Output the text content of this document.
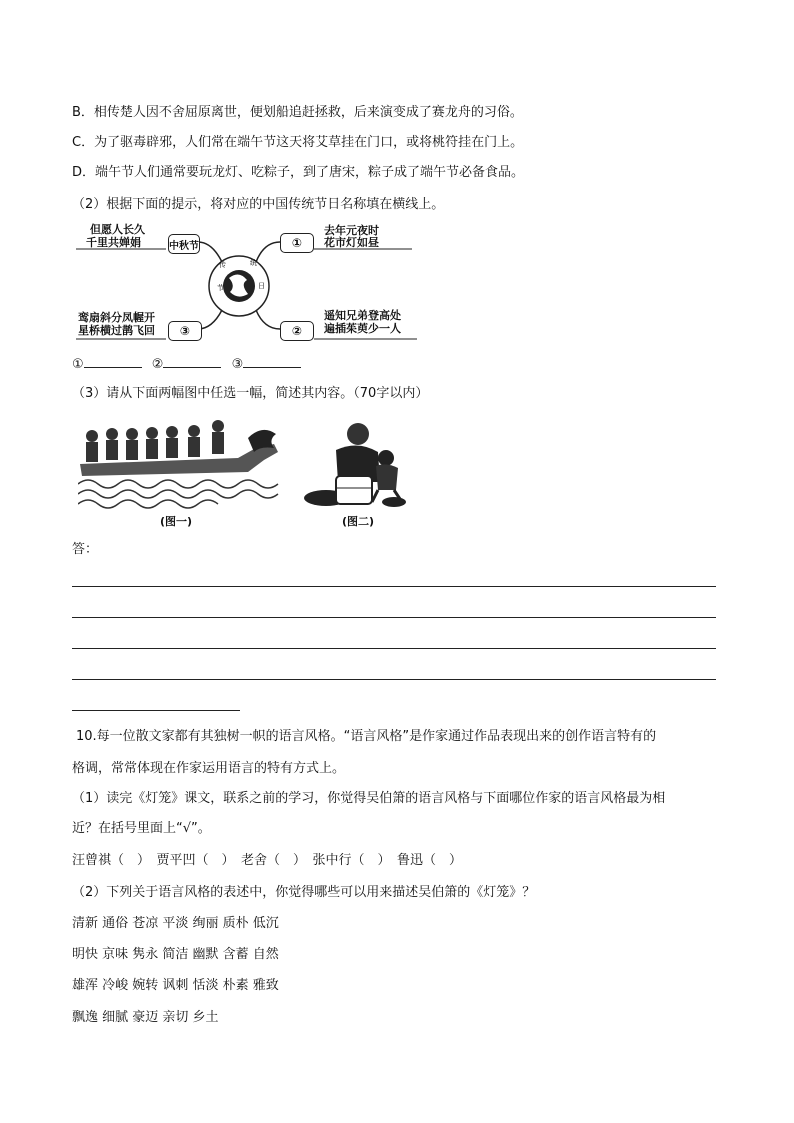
B．相传楚人因不舍屈原离世，便划船追赶拯救，后来演变成了赛龙舟的习俗。
C．为了驱毒辟邪，人们常在端午节这天将艾草挂在门口，或将桃符挂在门上。
D．端午节人们通常要玩龙灯、吃粽子，到了唐宋，粽子成了端午节必备食品。
（2）根据下面的提示，将对应的中国传统节日名称填在横线上。
传	统
节	日
但愿人长久
千里共婵娟	中秋节	①
去年元夜时
花市灯如昼
鸾扇斜分凤幄开
星桥横过鹊飞回	③	②
遥知兄弟登高处
遍插茱萸少一人
①	②	③
（3）请从下面两幅图中任选一幅，简述其内容。（70字以内）
(图一)	(图二)
答：
10.每一位散文家都有其独树一帜的语言风格。“语言风格”是作家通过作品表现出来的创作语言特有的
格调，常常体现在作家运用语言的特有方式上。
（1）读完《灯笼》课文，联系之前的学习，你觉得吴伯箫的语言风格与下面哪位作家的语言风格最为相
近？在括号里面上“√”。
汪曾祺（　）　贾平凹（　）　老舍（　）　张中行（　）　鲁迅（　）
（2）下列关于语言风格的表述中，你觉得哪些可以用来描述吴伯箫的《灯笼》？
清新 通俗 苍凉 平淡 绚丽 质朴 低沉
明快 京味 隽永 简洁 幽默 含蓄 自然
雄浑 冷峻 婉转 讽刺 恬淡 朴素 雅致
飘逸 细腻 豪迈 亲切 乡土
